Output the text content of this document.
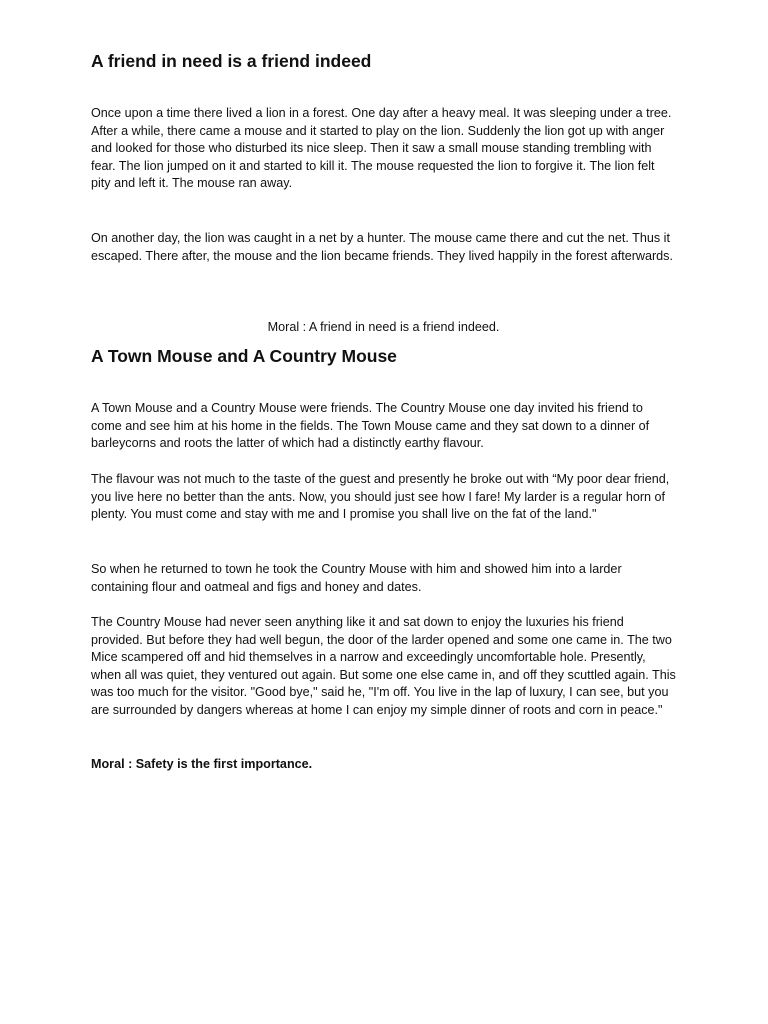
A friend in need is a friend indeed

Once upon a time there lived a lion in a forest. One day after a heavy meal. It was sleeping under a tree. After a while, there came a mouse and it started to play on the lion. Suddenly the lion got up with anger and looked for those who disturbed its nice sleep. Then it saw a small mouse standing trembling with fear. The lion jumped on it and started to kill it. The mouse requested the lion to forgive it. The lion felt pity and left it. The mouse ran away.

On another day, the lion was caught in a net by a hunter. The mouse came there and cut the net. Thus it escaped. There after, the mouse and the lion became friends. They lived happily in the forest afterwards.

Moral : A friend in need is a friend indeed.

A Town Mouse and A Country Mouse

A Town Mouse and a Country Mouse were friends. The Country Mouse one day invited his friend to come and see him at his home in the fields. The Town Mouse came and they sat down to a dinner of barleycorns and roots the latter of which had a distinctly earthy flavour.

The flavour was not much to the taste of the guest and presently he broke out with “My poor dear friend, you live here no better than the ants. Now, you should just see how I fare! My larder is a regular horn of plenty. You must come and stay with me and I promise you shall live on the fat of the land."

So when he returned to town he took the Country Mouse with him and showed him into a larder containing flour and oatmeal and figs and honey and dates.

The Country Mouse had never seen anything like it and sat down to enjoy the luxuries his friend provided. But before they had well begun, the door of the larder opened and some one came in. The two Mice scampered off and hid themselves in a narrow and exceedingly uncomfortable hole. Presently, when all was quiet, they ventured out again. But some one else came in, and off they scuttled again. This was too much for the visitor. "Good bye," said he, "I'm off. You live in the lap of luxury, I can see, but you are surrounded by dangers whereas at home I can enjoy my simple dinner of roots and corn in peace."

Moral : Safety is the first importance.
